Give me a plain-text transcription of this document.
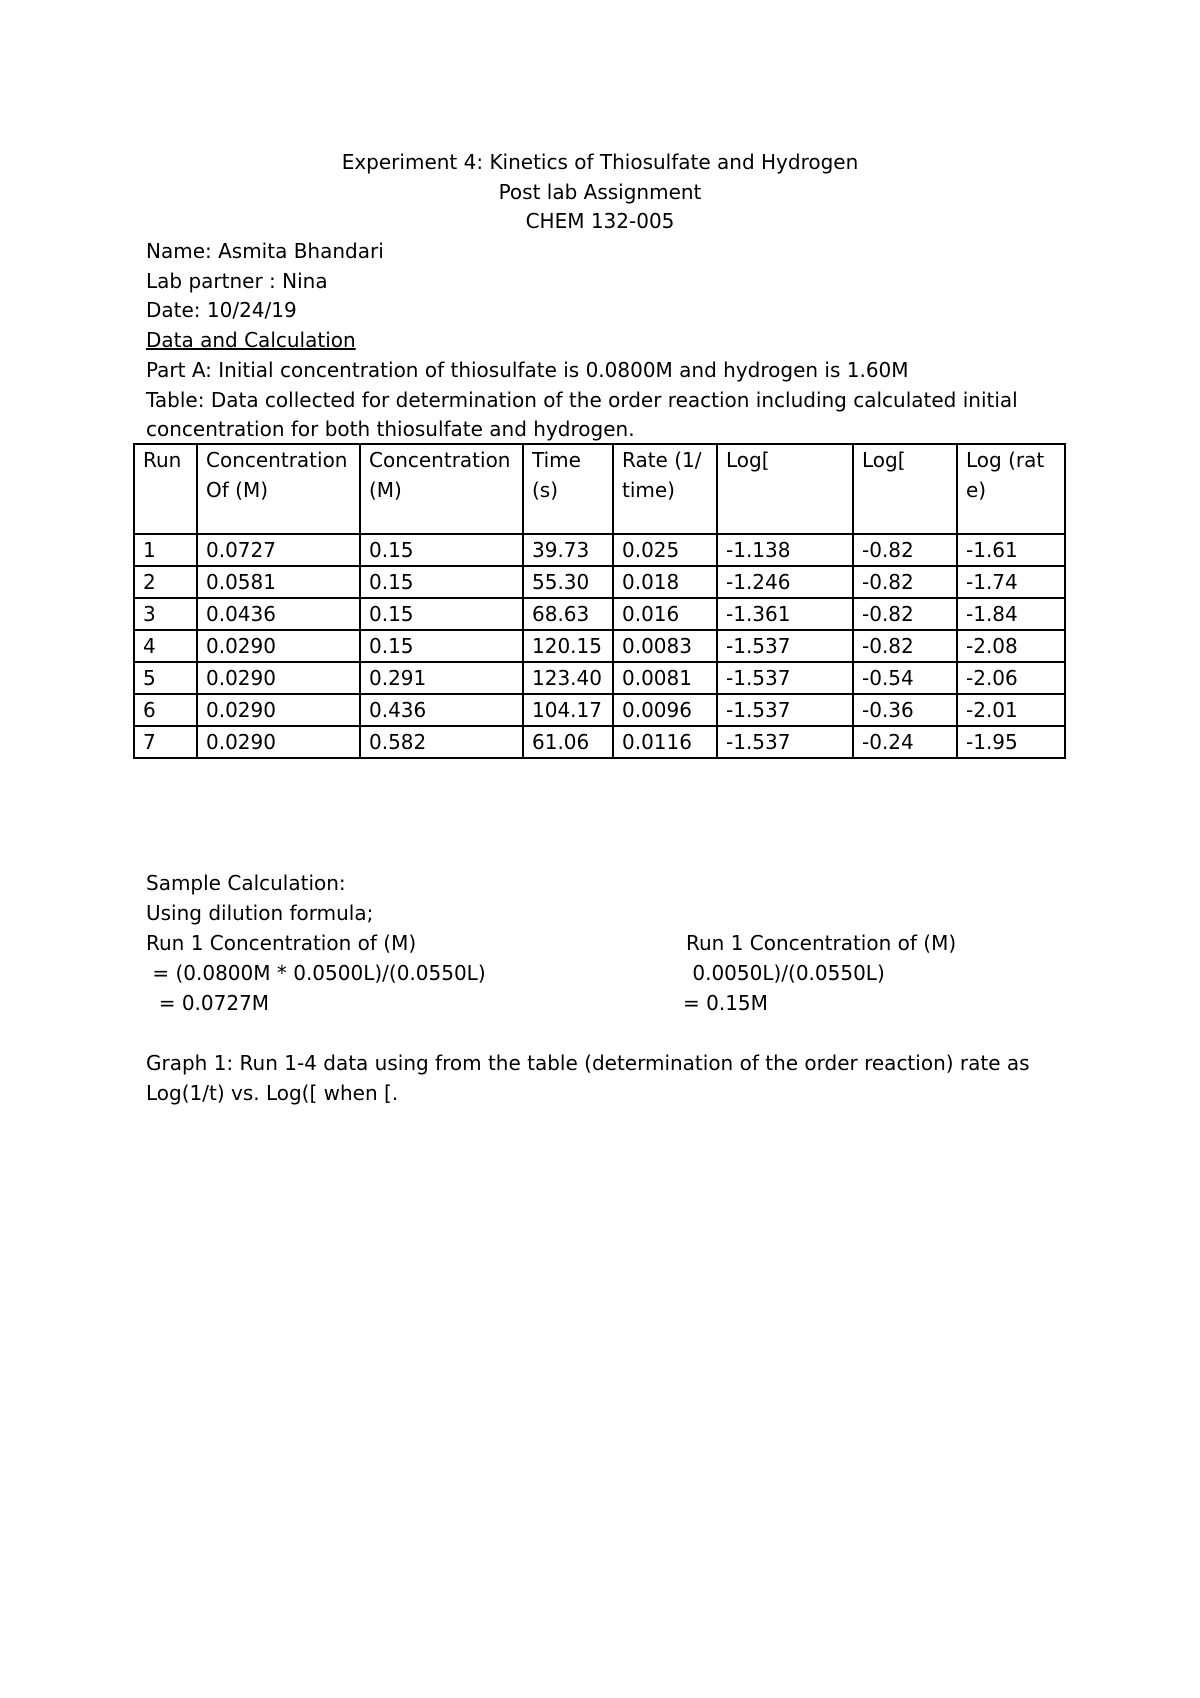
Experiment 4: Kinetics of Thiosulfate and Hydrogen
Post lab Assignment
CHEM 132-005
Name: Asmita Bhandari
Lab partner : Nina
Date: 10/24/19
Data and Calculation
Part A: Initial concentration of thiosulfate is 0.0800M and hydrogen is 1.60M
Table: Data collected for determination of the order reaction including calculated initial
concentration for both thiosulfate and hydrogen.
Run	Concentration Of (M)	Concentration (M)	Time (s)	Rate (1/time)	Log[	Log[	Log (rate)
1	0.0727	0.15	39.73	0.025	-1.138	-0.82	-1.61
2	0.0581	0.15	55.30	0.018	-1.246	-0.82	-1.74
3	0.0436	0.15	68.63	0.016	-1.361	-0.82	-1.84
4	0.0290	0.15	120.15	0.0083	-1.537	-0.82	-2.08
5	0.0290	0.291	123.40	0.0081	-1.537	-0.54	-2.06
6	0.0290	0.436	104.17	0.0096	-1.537	-0.36	-2.01
7	0.0290	0.582	61.06	0.0116	-1.537	-0.24	-1.95
Sample Calculation:
Using dilution formula;
Run 1 Concentration of (M)
= (0.0800M * 0.0500L)/(0.0550L)
= 0.0727M
Run 1 Concentration of (M)
0.0050L)/(0.0550L)
= 0.15M
Graph 1: Run 1-4 data using from the table (determination of the order reaction) rate as
Log(1/t) vs. Log([ when [.
